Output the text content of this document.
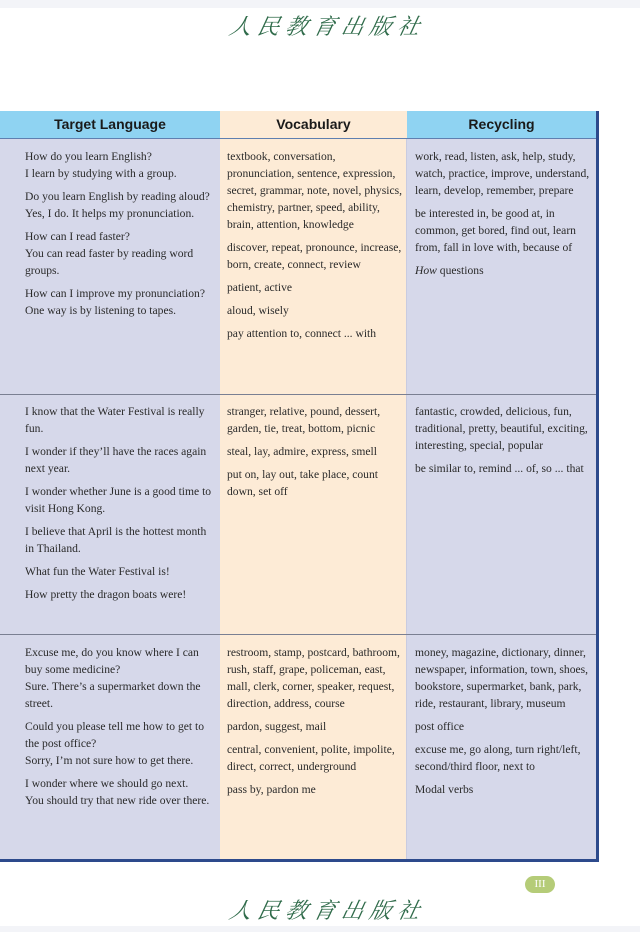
人民教育出版社
Target Language	Vocabulary	Recycling

How do you learn English?
I learn by studying with a group.

Do you learn English by reading aloud?
Yes, I do. It helps my pronunciation.

How can I read faster?
You can read faster by reading word groups.

How can I improve my pronunciation?
One way is by listening to tapes.

textbook, conversation, pronunciation, sentence, expression, secret, grammar, note, novel, physics, chemistry, partner, speed, ability, brain, attention, knowledge

discover, repeat, pronounce, increase, born, create, connect, review

patient, active

aloud, wisely

pay attention to, connect ... with

work, read, listen, ask, help, study, watch, practice, improve, understand, learn, develop, remember, prepare

be interested in, be good at, in common, get bored, find out, learn from, fall in love with, because of

How questions

I know that the Water Festival is really fun.

I wonder if they’ll have the races again next year.

I wonder whether June is a good time to visit Hong Kong.

I believe that April is the hottest month in Thailand.

What fun the Water Festival is!

How pretty the dragon boats were!

stranger, relative, pound, dessert, garden, tie, treat, bottom, picnic

steal, lay, admire, express, smell

put on, lay out, take place, count down, set off

fantastic, crowded, delicious, fun, traditional, pretty, beautiful, exciting, interesting, special, popular

be similar to, remind ... of, so ... that

Excuse me, do you know where I can buy some medicine?
Sure. There’s a supermarket down the street.

Could you please tell me how to get to the post office?
Sorry, I’m not sure how to get there.

I wonder where we should go next.
You should try that new ride over there.

restroom, stamp, postcard, bathroom, rush, staff, grape, policeman, east, mall, clerk, corner, speaker, request, direction, address, course

pardon, suggest, mail

central, convenient, polite, impolite, direct, correct, underground

pass by, pardon me

money, magazine, dictionary, dinner, newspaper, information, town, shoes, bookstore, supermarket, bank, park, ride, restaurant, library, museum

post office

excuse me, go along, turn right/left, second/third floor, next to

Modal verbs

III
人民教育出版社
